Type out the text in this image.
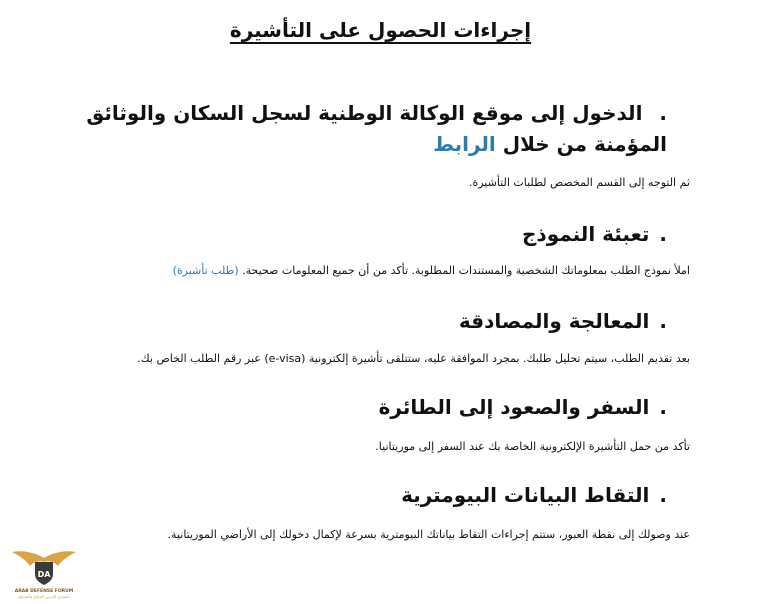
إجراءات الحصول على التأشيرة
. الدخول إلى موقع الوكالة الوطنية لسجل السكان والوثائق المؤمنة من خلال الرابط
ثم التوجه إلى القسم المخصص لطلبات التأشيرة.
.
تعبئة النموذج
املأ نموذج الطلب بمعلوماتك الشخصية والمستندات المطلوبة. تأكد من أن جميع المعلومات صحيحة. (طلب تأشيرة)
.
المعالجة والمصادقة
بعد تقديم الطلب، سيتم تحليل طلبك. بمجرد الموافقة عليه، ستتلقى تأشيرة إلكترونية (e-visa) عبر رقم الطلب الخاص بك.
.
السفر والصعود إلى الطائرة
تأكد من حمل التأشيرة الإلكترونية الخاصة بك عند السفر إلى موريتانيا.
.
التقاط البيانات البيومترية
عند وصولك إلى نقطة العبور، ستتم إجراءات التقاط بياناتك البيومترية بسرعة لإكمال دخولك إلى الأراضي الموريتانية.
DA
ARAB DEFENSE FORUM
المنتدى العربي للدفاع والتسليح
